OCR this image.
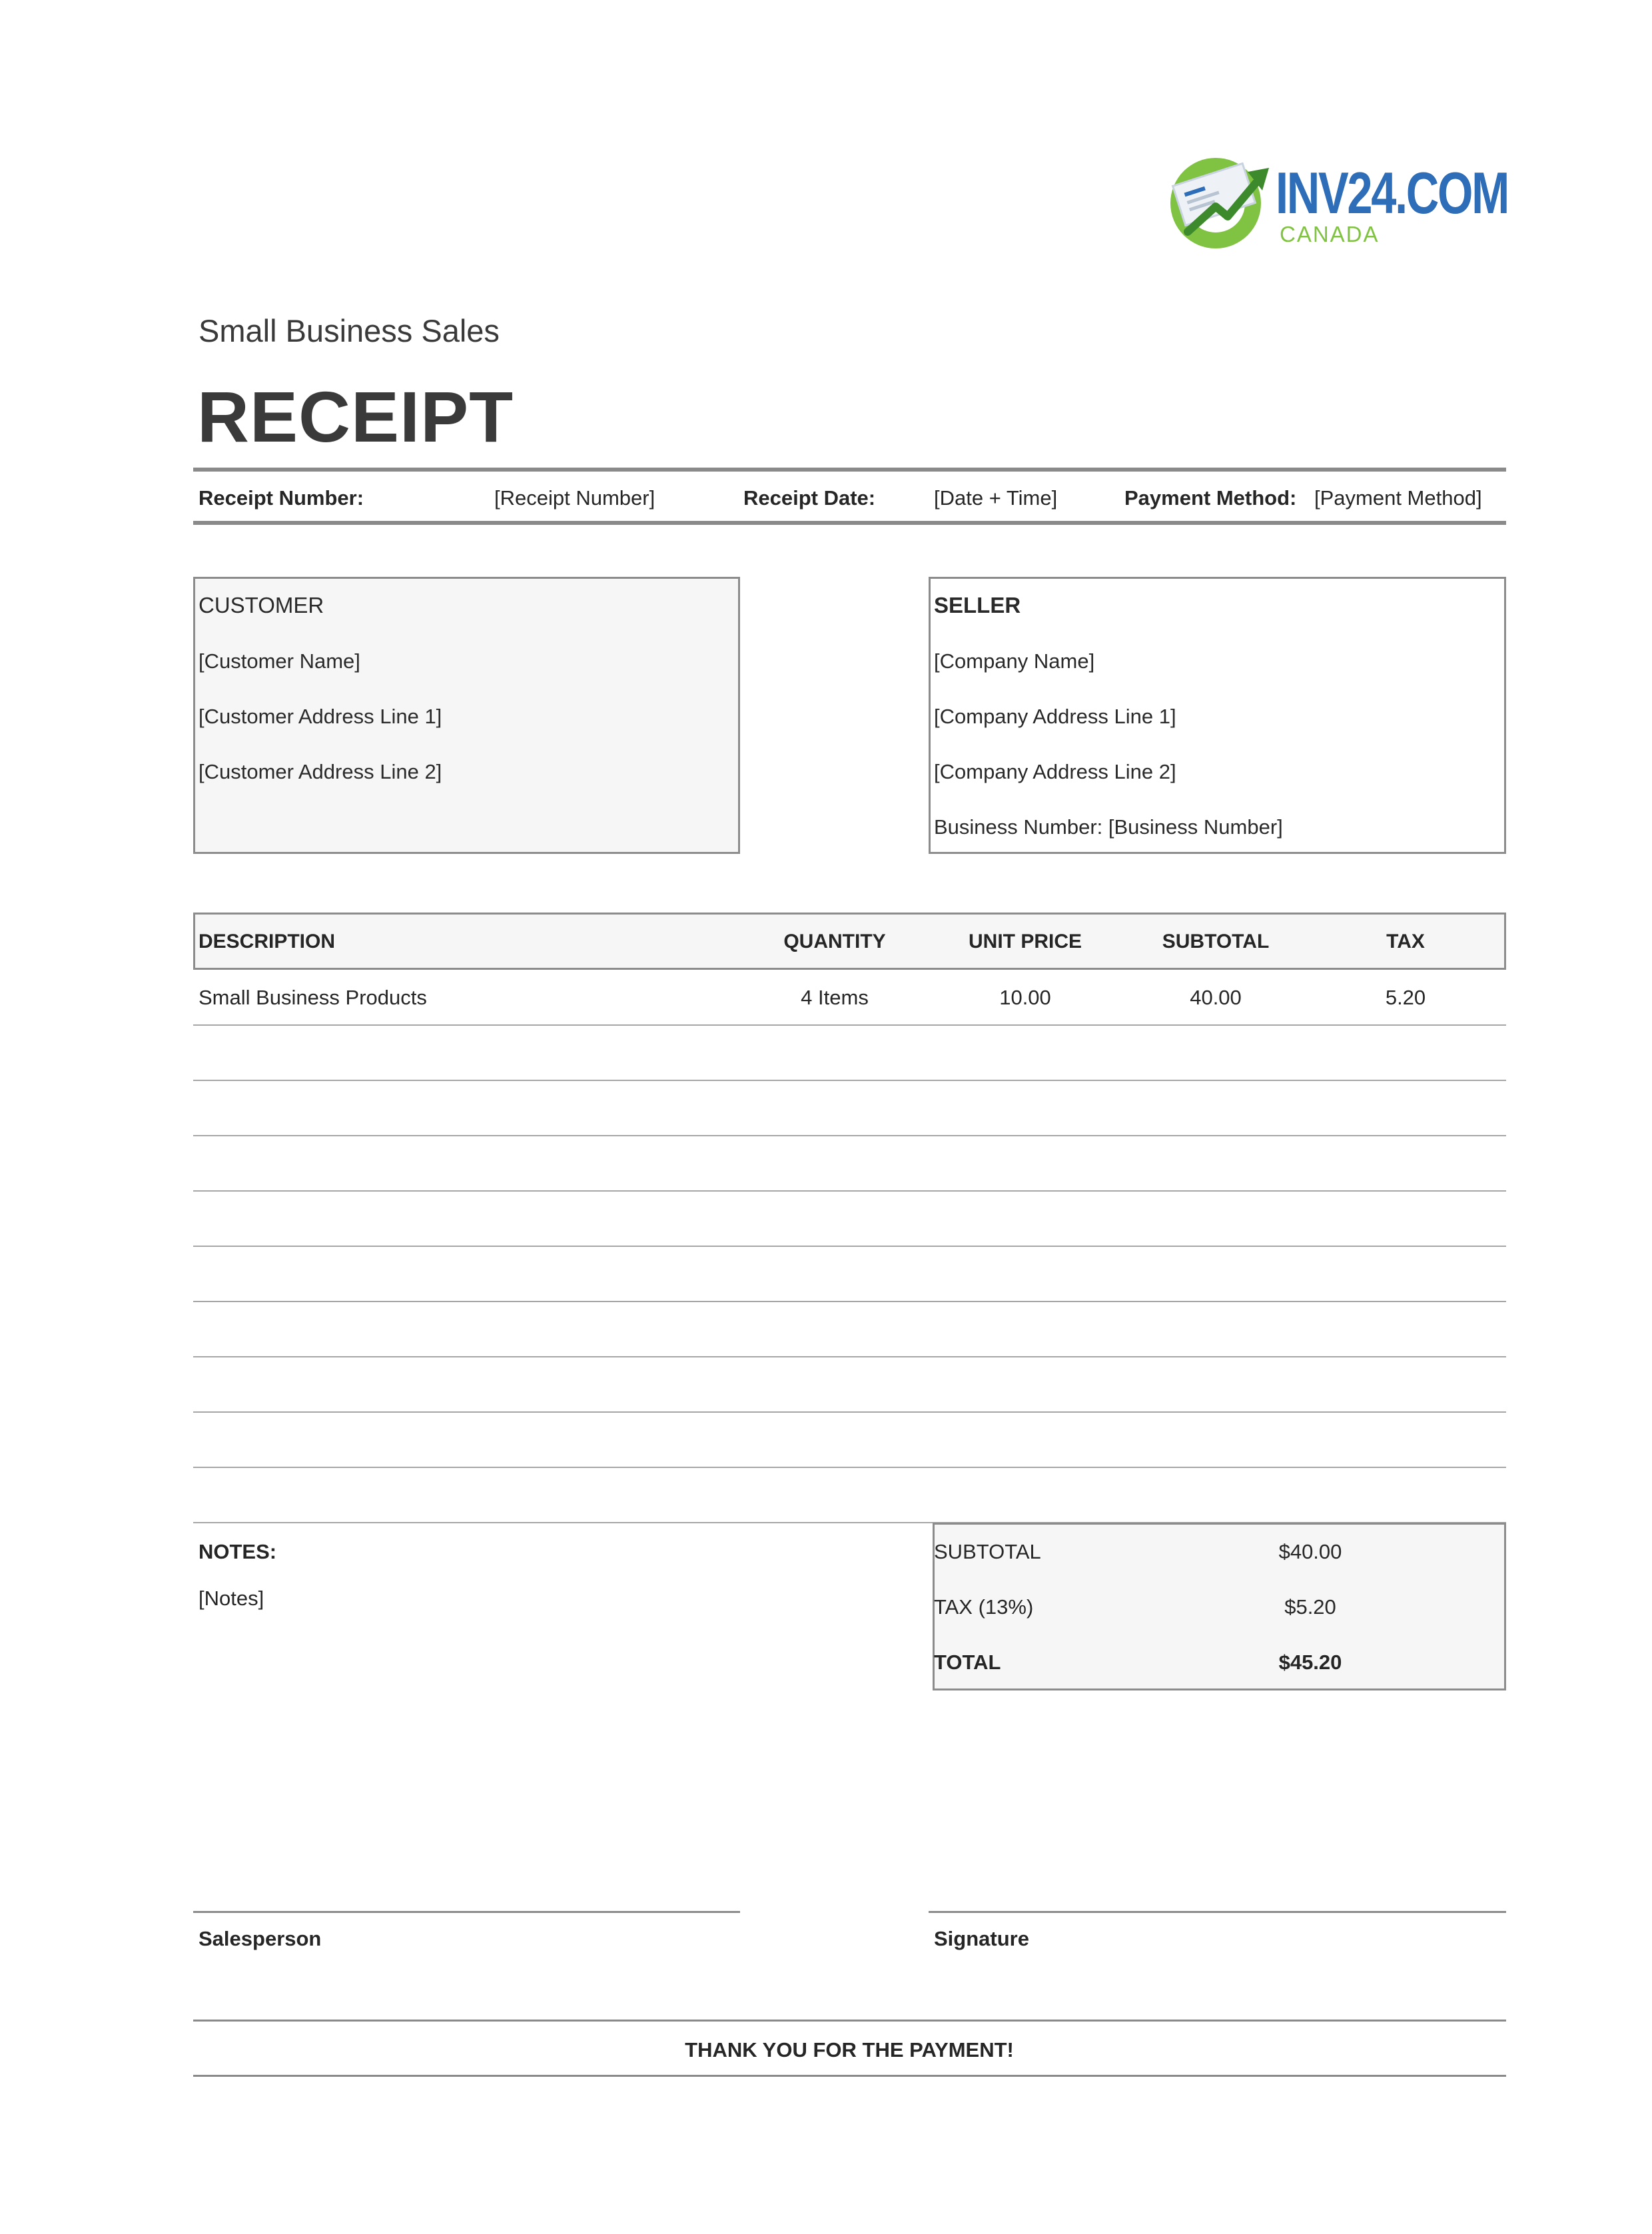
INV24.COM
CANADA
Small Business Sales
RECEIPT
Receipt Number:	[Receipt Number]	Receipt Date:	[Date + Time]	Payment Method: [Payment Method]
CUSTOMER
[Customer Name]
[Customer Address Line 1]
[Customer Address Line 2]
SELLER
[Company Name]
[Company Address Line 1]
[Company Address Line 2]
Business Number: [Business Number]
DESCRIPTION	QUANTITY	UNIT PRICE	SUBTOTAL	TAX
Small Business Products	4 Items	10.00	40.00	5.20
NOTES:
[Notes]
SUBTOTAL	$40.00
TAX (13%)	$5.20
TOTAL	$45.20
Salesperson	Signature
THANK YOU FOR THE PAYMENT!
